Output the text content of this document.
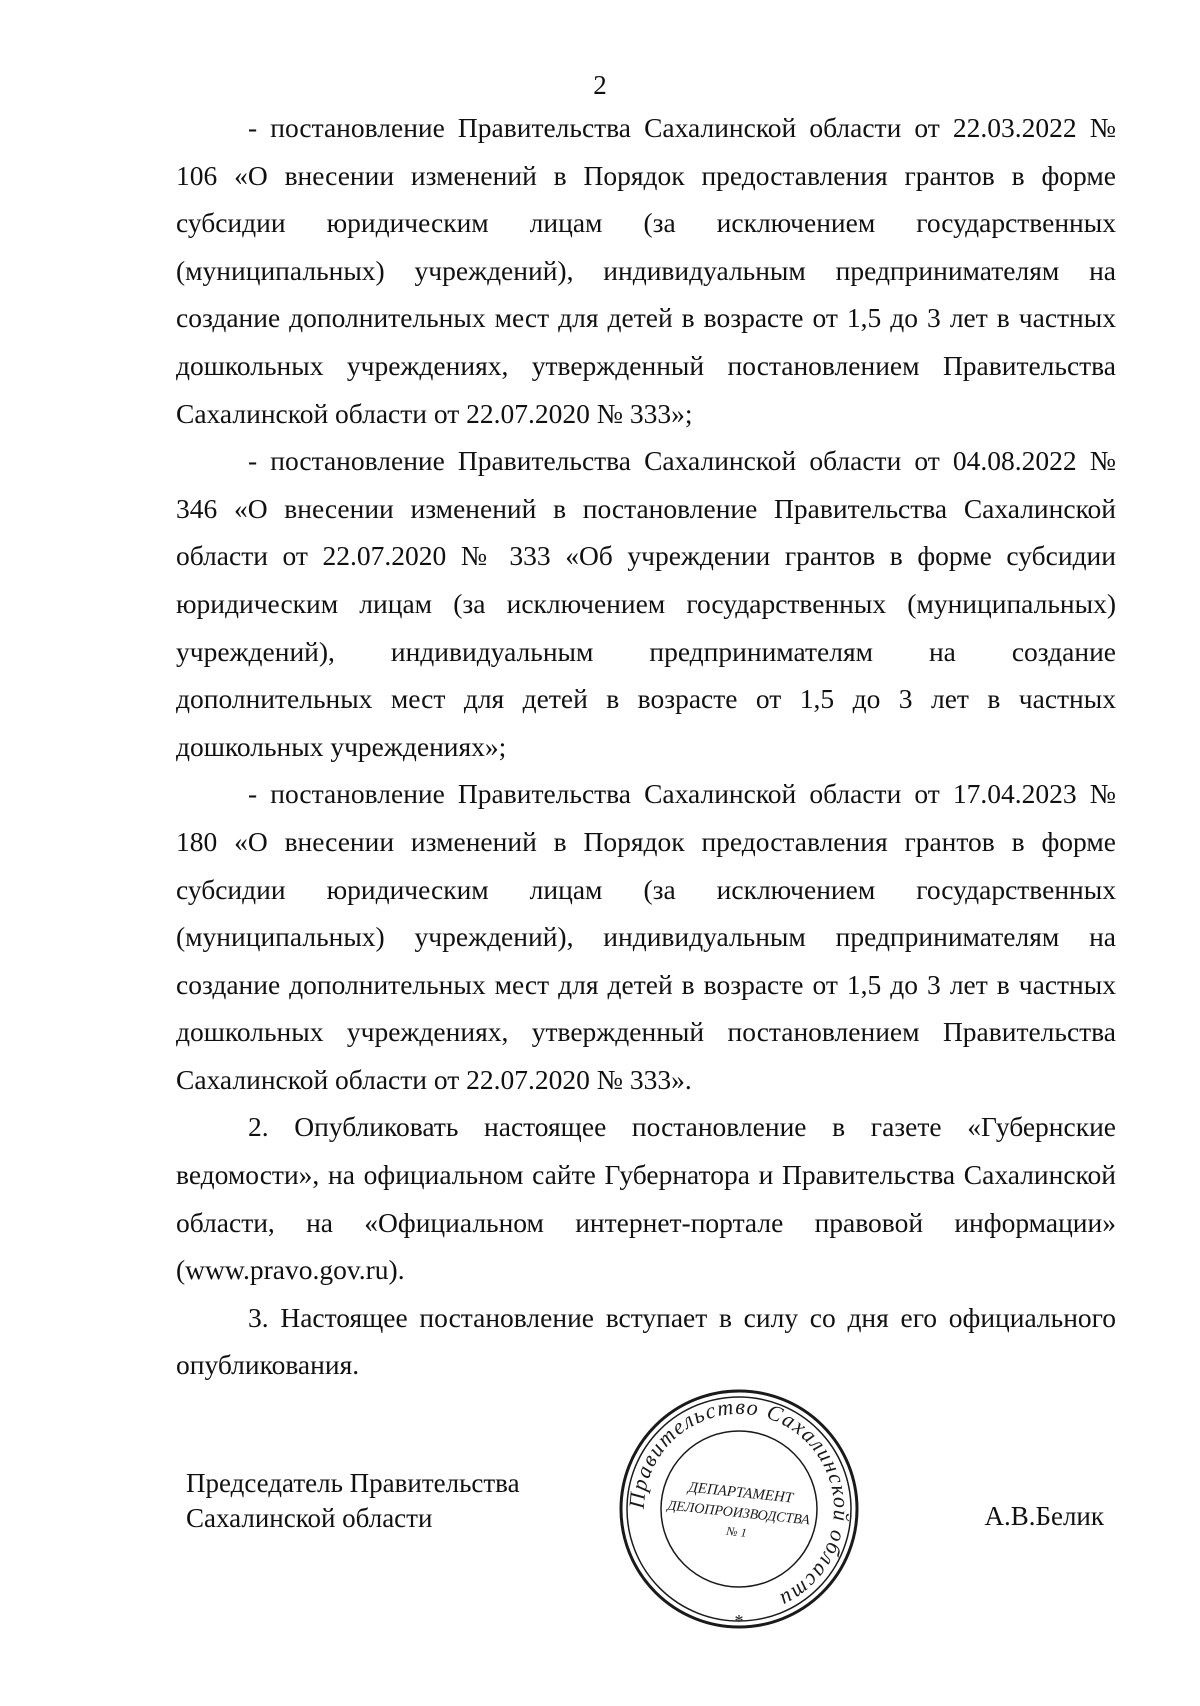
2

- постановление Правительства Сахалинской области от 22.03.2022 № 106 «О внесении изменений в Порядок предоставления грантов в форме субсидии юридическим лицам (за исключением государственных (муниципальных) учреждений), индивидуальным предпринимателям на создание дополнительных мест для детей в возрасте от 1,5 до 3 лет в частных дошкольных учреждениях, утвержденный постановлением Правительства Сахалинской области от 22.07.2020 № 333»;

- постановление Правительства Сахалинской области от 04.08.2022 № 346 «О внесении изменений в постановление Правительства Сахалинской области от 22.07.2020 № 333 «Об учреждении грантов в форме субсидии юридическим лицам (за исключением государственных (муниципальных) учреждений), индивидуальным предпринимателям на создание дополнительных мест для детей в возрасте от 1,5 до 3 лет в частных дошкольных учреждениях»;

- постановление Правительства Сахалинской области от 17.04.2023 № 180 «О внесении изменений в Порядок предоставления грантов в форме субсидии юридическим лицам (за исключением государственных (муниципальных) учреждений), индивидуальным предпринимателям на создание дополнительных мест для детей в возрасте от 1,5 до 3 лет в частных дошкольных учреждениях, утвержденный постановлением Правительства Сахалинской области от 22.07.2020 № 333».

2. Опубликовать настоящее постановление в газете «Губернские ведомости», на официальном сайте Губернатора и Правительства Сахалинской области, на «Официальном интернет-портале правовой информации» (www.pravo.gov.ru).

3. Настоящее постановление вступает в силу со дня его официального опубликования.

Председатель Правительства
Сахалинской области	А.В.Белик
Правительство Сахалинской области
*
ДЕПАРТАМЕНТ
ДЕЛОПРОИЗВОДСТВА
№ 1
